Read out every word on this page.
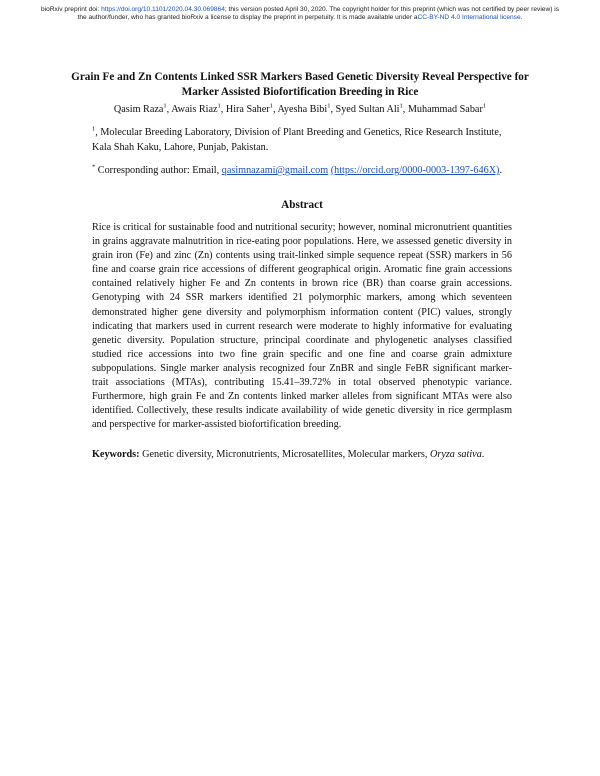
bioRxiv preprint doi: https://doi.org/10.1101/2020.04.30.069864; this version posted April 30, 2020. The copyright holder for this preprint (which was not certified by peer review) is the author/funder, who has granted bioRxiv a license to display the preprint in perpetuity. It is made available under aCC-BY-ND 4.0 International license.
Grain Fe and Zn Contents Linked SSR Markers Based Genetic Diversity Reveal Perspective for Marker Assisted Biofortification Breeding in Rice
Qasim Raza$^1$, Awais Riaz$^1$, Hira Saher$^1$, Ayesha Bibi$^1$, Syed Sultan Ali$^1$, Muhammad Sabar$^1$
$^1$, Molecular Breeding Laboratory, Division of Plant Breeding and Genetics, Rice Research Institute, Kala Shah Kaku, Lahore, Punjab, Pakistan.
* Corresponding author: Email, qasimnazami@gmail.com (https://orcid.org/0000-0003-1397-646X).
Abstract
Rice is critical for sustainable food and nutritional security; however, nominal micronutrient quantities in grains aggravate malnutrition in rice-eating poor populations. Here, we assessed genetic diversity in grain iron (Fe) and zinc (Zn) contents using trait-linked simple sequence repeat (SSR) markers in 56 fine and coarse grain rice accessions of different geographical origin. Aromatic fine grain accessions contained relatively higher Fe and Zn contents in brown rice (BR) than coarse grain accessions. Genotyping with 24 SSR markers identified 21 polymorphic markers, among which seventeen demonstrated higher gene diversity and polymorphism information content (PIC) values, strongly indicating that markers used in current research were moderate to highly informative for evaluating genetic diversity. Population structure, principal coordinate and phylogenetic analyses classified studied rice accessions into two fine grain specific and one fine and coarse grain admixture subpopulations. Single marker analysis recognized four ZnBR and single FeBR significant marker-trait associations (MTAs), contributing 15.41–39.72% in total observed phenotypic variance. Furthermore, high grain Fe and Zn contents linked marker alleles from significant MTAs were also identified. Collectively, these results indicate availability of wide genetic diversity in rice germplasm and perspective for marker-assisted biofortification breeding.
Keywords: Genetic diversity, Micronutrients, Microsatellites, Molecular markers, Oryza sativa.
